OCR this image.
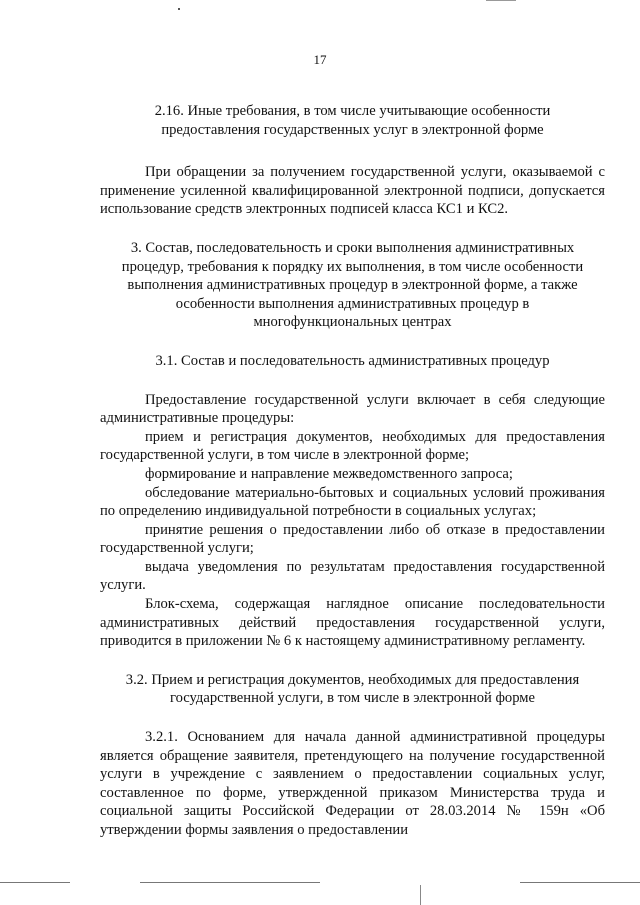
17

2.16. Иные требования, в том числе учитывающие особенности предоставления государственных услуг в электронной форме

При обращении за получением государственной услуги, оказываемой с применение усиленной квалифицированной электронной подписи, допускается использование средств электронных подписей класса КС1 и КС2.

3. Состав, последовательность и сроки выполнения административных процедур, требования к порядку их выполнения, в том числе особенности выполнения административных процедур в электронной форме, а также особенности выполнения административных процедур в многофункциональных центрах

3.1. Состав и последовательность административных процедур

Предоставление государственной услуги включает в себя следующие административные процедуры:

прием и регистрация документов, необходимых для предоставления государственной услуги, в том числе в электронной форме;

формирование и направление межведомственного запроса;

обследование материально-бытовых и социальных условий проживания по определению индивидуальной потребности в социальных услугах;

принятие решения о предоставлении либо об отказе в предоставлении государственной услуги;

выдача уведомления по результатам предоставления государственной услуги.

Блок-схема, содержащая наглядное описание последовательности административных действий предоставления государственной услуги, приводится в приложении № 6 к настоящему административному регламенту.

3.2. Прием и регистрация документов, необходимых для предоставления государственной услуги, в том числе в электронной форме

3.2.1. Основанием для начала данной административной процедуры является обращение заявителя, претендующего на получение государственной услуги в учреждение с заявлением о предоставлении социальных услуг, составленное по форме, утвержденной приказом Министерства труда и социальной защиты Российской Федерации от 28.03.2014 № 159н «Об утверждении формы заявления о предоставлении
